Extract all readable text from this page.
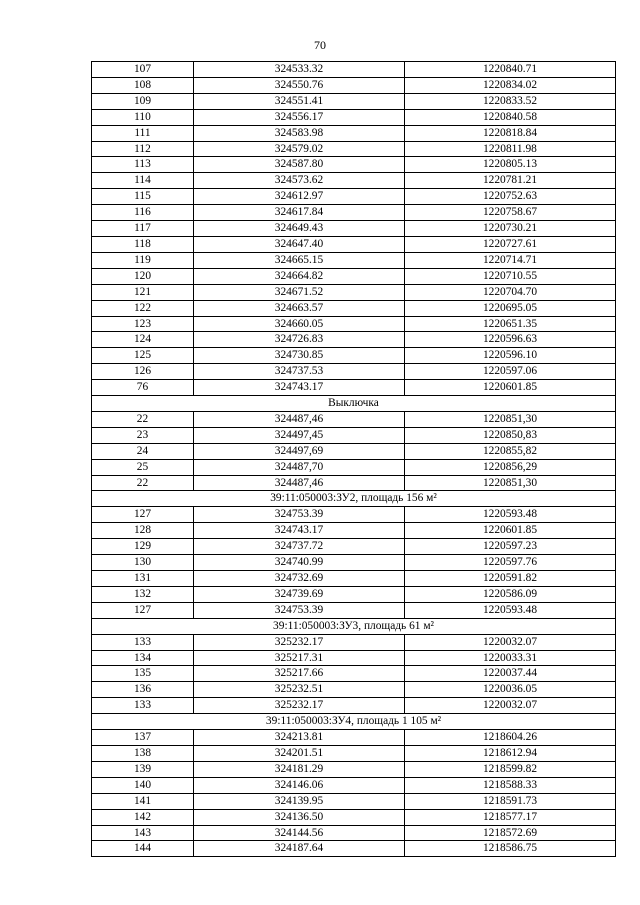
70
107	324533.32	1220840.71
108	324550.76	1220834.02
109	324551.41	1220833.52
110	324556.17	1220840.58
111	324583.98	1220818.84
112	324579.02	1220811.98
113	324587.80	1220805.13
114	324573.62	1220781.21
115	324612.97	1220752.63
116	324617.84	1220758.67
117	324649.43	1220730.21
118	324647.40	1220727.61
119	324665.15	1220714.71
120	324664.82	1220710.55
121	324671.52	1220704.70
122	324663.57	1220695.05
123	324660.05	1220651.35
124	324726.83	1220596.63
125	324730.85	1220596.10
126	324737.53	1220597.06
76	324743.17	1220601.85
Выключка		
22	324487,46	1220851,30
23	324497,45	1220850,83
24	324497,69	1220855,82
25	324487,70	1220856,29
22	324487,46	1220851,30
39:11:050003:ЗУ2, площадь 156 м²		
127	324753.39	1220593.48
128	324743.17	1220601.85
129	324737.72	1220597.23
130	324740.99	1220597.76
131	324732.69	1220591.82
132	324739.69	1220586.09
127	324753.39	1220593.48
39:11:050003:ЗУ3, площадь 61 м²		
133	325232.17	1220032.07
134	325217.31	1220033.31
135	325217.66	1220037.44
136	325232.51	1220036.05
133	325232.17	1220032.07
39:11:050003:ЗУ4, площадь 1 105 м²		
137	324213.81	1218604.26
138	324201.51	1218612.94
139	324181.29	1218599.82
140	324146.06	1218588.33
141	324139.95	1218591.73
142	324136.50	1218577.17
143	324144.56	1218572.69
144	324187.64	1218586.75
